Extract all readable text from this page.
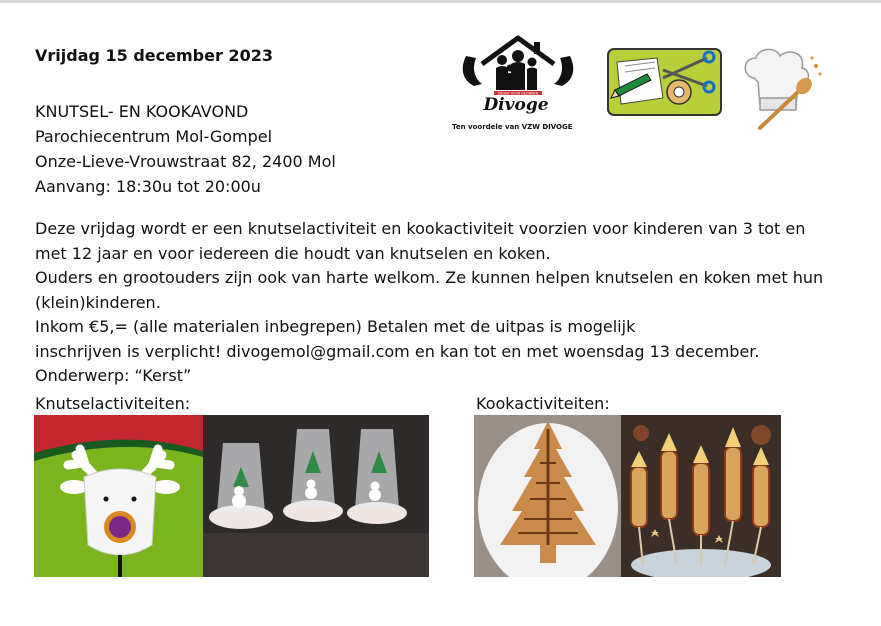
Vrijdag 15 december 2023
KNUTSEL- EN KOOKAVOND
Parochiecentrum Mol-Gompel
Onze-Lieve-Vrouwstraat 82, 2400 Mol
Aanvang: 18:30u tot 20:00u
DIENST VOOR GEZINNEN
Divoge
Ten voordele van VZW DIVOGE
Deze vrijdag wordt er een knutselactiviteit en kookactiviteit voorzien voor kinderen van 3 tot en
met 12 jaar en voor iedereen die houdt van knutselen en koken.
Ouders en grootouders zijn ook van harte welkom. Ze kunnen helpen knutselen en koken met hun
(klein)kinderen.
Inkom €5,= (alle materialen inbegrepen) Betalen met de uitpas is mogelijk
inschrijven is verplicht! divogemol@gmail.com en kan tot en met woensdag 13 december.
Onderwerp: “Kerst”
Knutselactiviteiten:	Kookactiviteiten:
